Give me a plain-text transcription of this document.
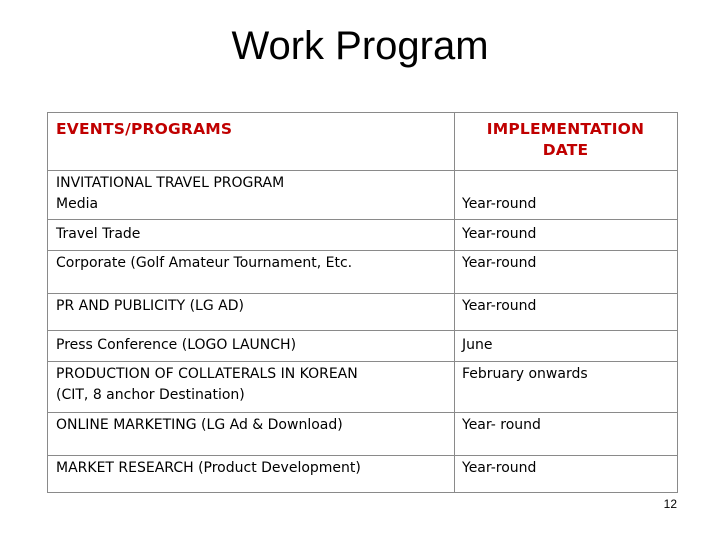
Work Program
EVENTS/PROGRAMS	IMPLEMENTATION
DATE

INVITATIONAL TRAVEL PROGRAM
Media	Year-round
Travel Trade	Year-round
Corporate (Golf Amateur Tournament, Etc.	Year-round
PR AND PUBLICITY (LG AD)	Year-round
Press Conference (LOGO LAUNCH)	June

PRODUCTION OF COLLATERALS IN KOREAN
(CIT, 8 anchor Destination)	February onwards
ONLINE MARKETING (LG Ad & Download)	Year- round
MARKET RESEARCH (Product Development)	Year-round
12
